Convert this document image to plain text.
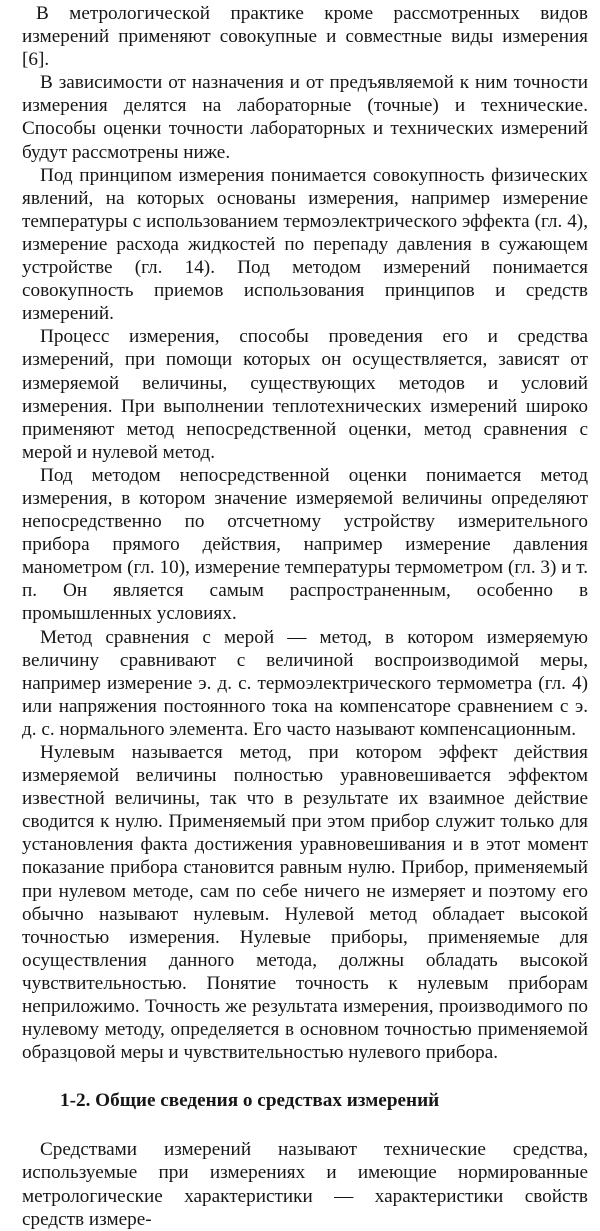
В метрологической практике кроме рассмотренных видов измерений применяют совокупные и совместные виды измерения [6].

В зависимости от назначения и от предъявляемой к ним точности измерения делятся на лабораторные (точные) и технические. Способы оценки точности лабораторных и технических измерений будут рассмотрены ниже.

Под принципом измерения понимается совокупность физических явлений, на которых основаны измерения, например измерение температуры с использованием термоэлектрического эффекта (гл. 4), измерение расхода жидкостей по перепаду давления в сужающем устройстве (гл. 14). Под методом измерений понимается совокупность приемов использования принципов и средств измерений.

Процесс измерения, способы проведения его и средства измерений, при помощи которых он осуществляется, зависят от измеряемой величины, существующих методов и условий измерения. При выполнении теплотехнических измерений широко применяют метод непосредственной оценки, метод сравнения с мерой и нулевой метод.

Под методом непосредственной оценки понимается метод измерения, в котором значение измеряемой величины определяют непосредственно по отсчетному устройству измерительного прибора прямого действия, например измерение давления манометром (гл. 10), измерение температуры термометром (гл. 3) и т. п. Он является самым распространенным, особенно в промышленных условиях.

Метод сравнения с мерой — метод, в котором измеряемую величину сравнивают с величиной воспроизводимой меры, например измерение э. д. с. термоэлектрического термометра (гл. 4) или напряжения постоянного тока на компенсаторе сравнением с э. д. с. нормального элемента. Его часто называют компенсационным.

Нулевым называется метод, при котором эффект действия измеряемой величины полностью уравновешивается эффектом известной величины, так что в результате их взаимное действие сводится к нулю. Применяемый при этом прибор служит только для установления факта достижения уравновешивания и в этот момент показание прибора становится равным нулю. Прибор, применяемый при нулевом методе, сам по себе ничего не измеряет и поэтому его обычно называют нулевым. Нулевой метод обладает высокой точностью измерения. Нулевые приборы, применяемые для осуществления данного метода, должны обладать высокой чувствительностью. Понятие точность к нулевым приборам неприложимо. Точность же результата измерения, производимого по нулевому методу, определяется в основном точностью применяемой образцовой меры и чувствительностью нулевого прибора.

1-2. Общие сведения о средствах измерений

Средствами измерений называют технические средства, используемые при измерениях и имеющие нормированные метрологические характеристики — характеристики свойств средств измере-
